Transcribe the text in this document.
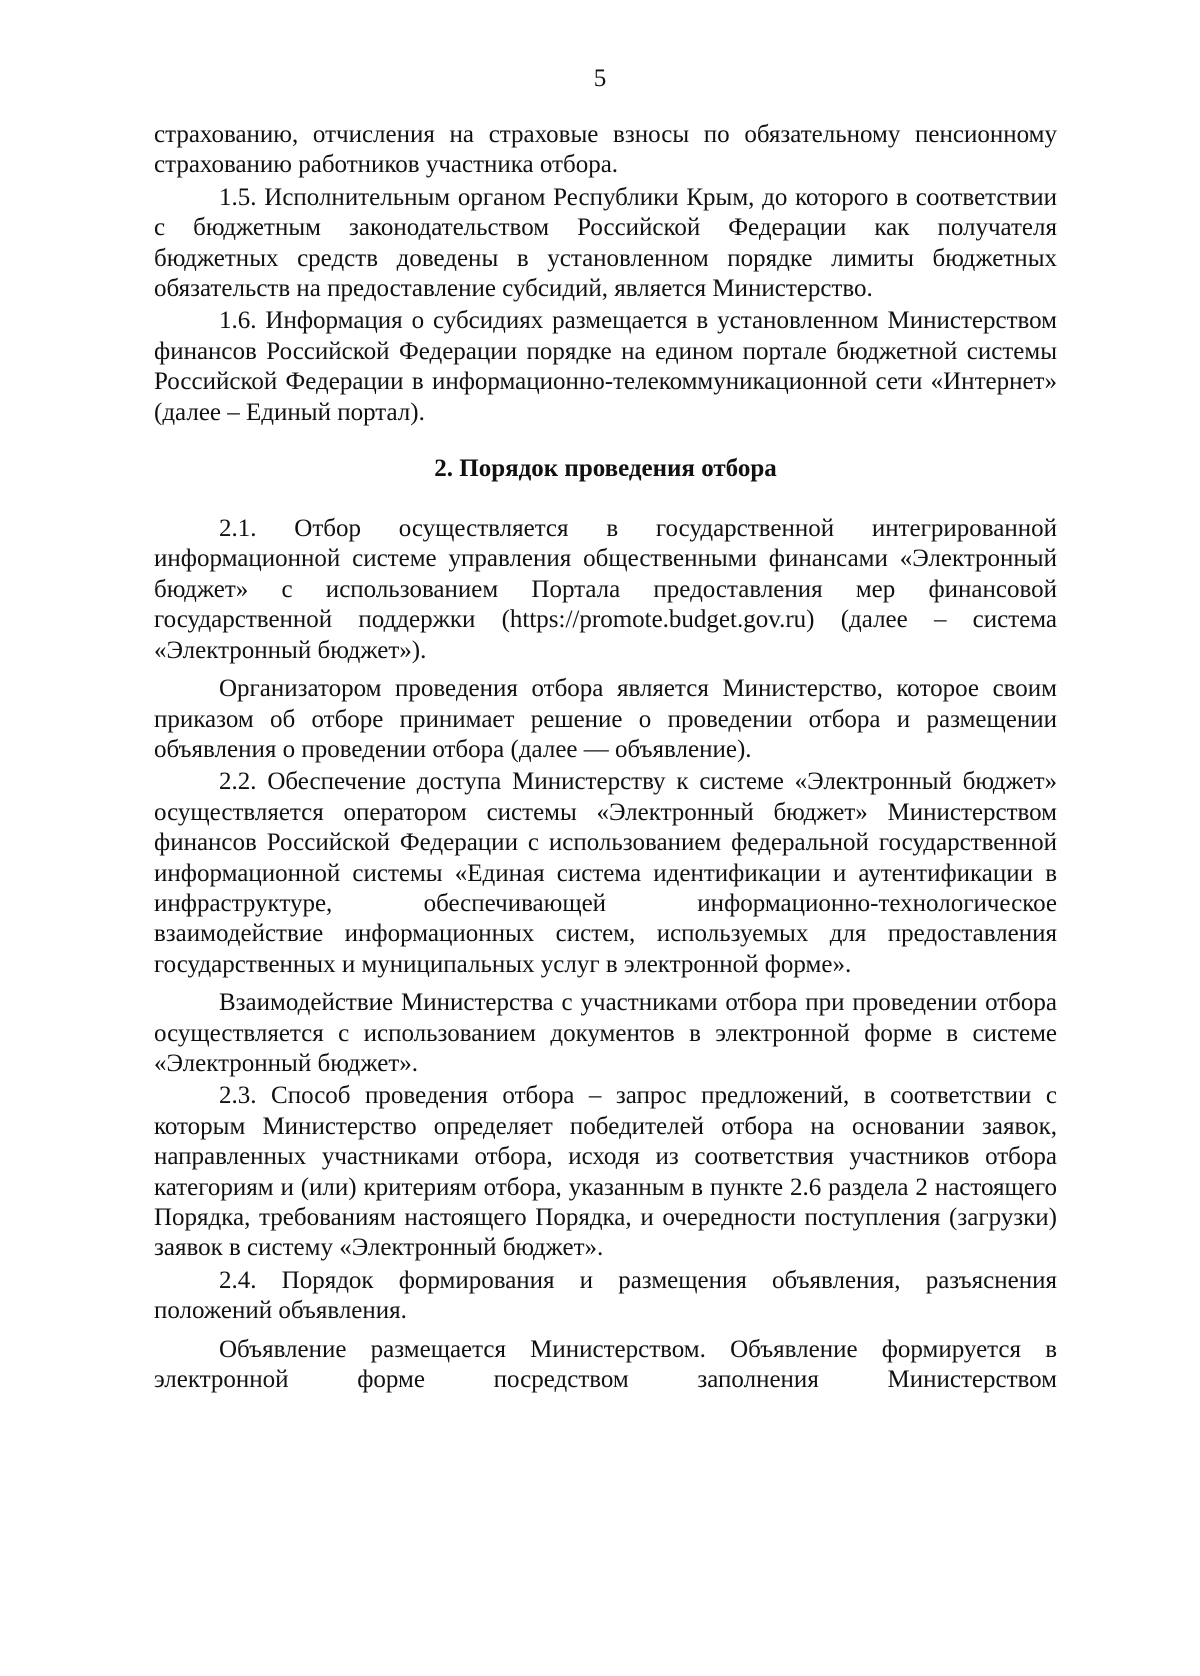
5

страхованию, отчисления на страховые взносы по обязательному пенсионному страхованию работников участника отбора.

1.5. Исполнительным органом Республики Крым, до которого в соответствии с бюджетным законодательством Российской Федерации как получателя бюджетных средств доведены в установленном порядке лимиты бюджетных обязательств на предоставление субсидий, является Министерство.

1.6. Информация о субсидиях размещается в установленном Министерством финансов Российской Федерации порядке на едином портале бюджетной системы Российской Федерации в информационно-телекоммуникационной сети «Интернет» (далее – Единый портал).

2. Порядок проведения отбора

2.1. Отбор осуществляется в государственной интегрированной информационной системе управления общественными финансами «Электронный бюджет» с использованием Портала предоставления мер финансовой государственной поддержки (https://promote.budget.gov.ru) (далее – система «Электронный бюджет»).

Организатором проведения отбора является Министерство, которое своим приказом об отборе принимает решение о проведении отбора и размещении объявления о проведении отбора (далее — объявление).

2.2. Обеспечение доступа Министерству к системе «Электронный бюджет» осуществляется оператором системы «Электронный бюджет» Министерством финансов Российской Федерации с использованием федеральной государственной информационной системы «Единая система идентификации и аутентификации в инфраструктуре, обеспечивающей информационно-технологическое взаимодействие информационных систем, используемых для предоставления государственных и муниципальных услуг в электронной форме».

Взаимодействие Министерства с участниками отбора при проведении отбора осуществляется с использованием документов в электронной форме в системе «Электронный бюджет».

2.3. Способ проведения отбора – запрос предложений, в соответствии с которым Министерство определяет победителей отбора на основании заявок, направленных участниками отбора, исходя из соответствия участников отбора категориям и (или) критериям отбора, указанным в пункте 2.6 раздела 2 настоящего Порядка, требованиям настоящего Порядка, и очередности поступления (загрузки) заявок в систему «Электронный бюджет».

2.4. Порядок формирования и размещения объявления, разъяснения положений объявления.

Объявление размещается Министерством. Объявление формируется в электронной форме посредством заполнения Министерством
